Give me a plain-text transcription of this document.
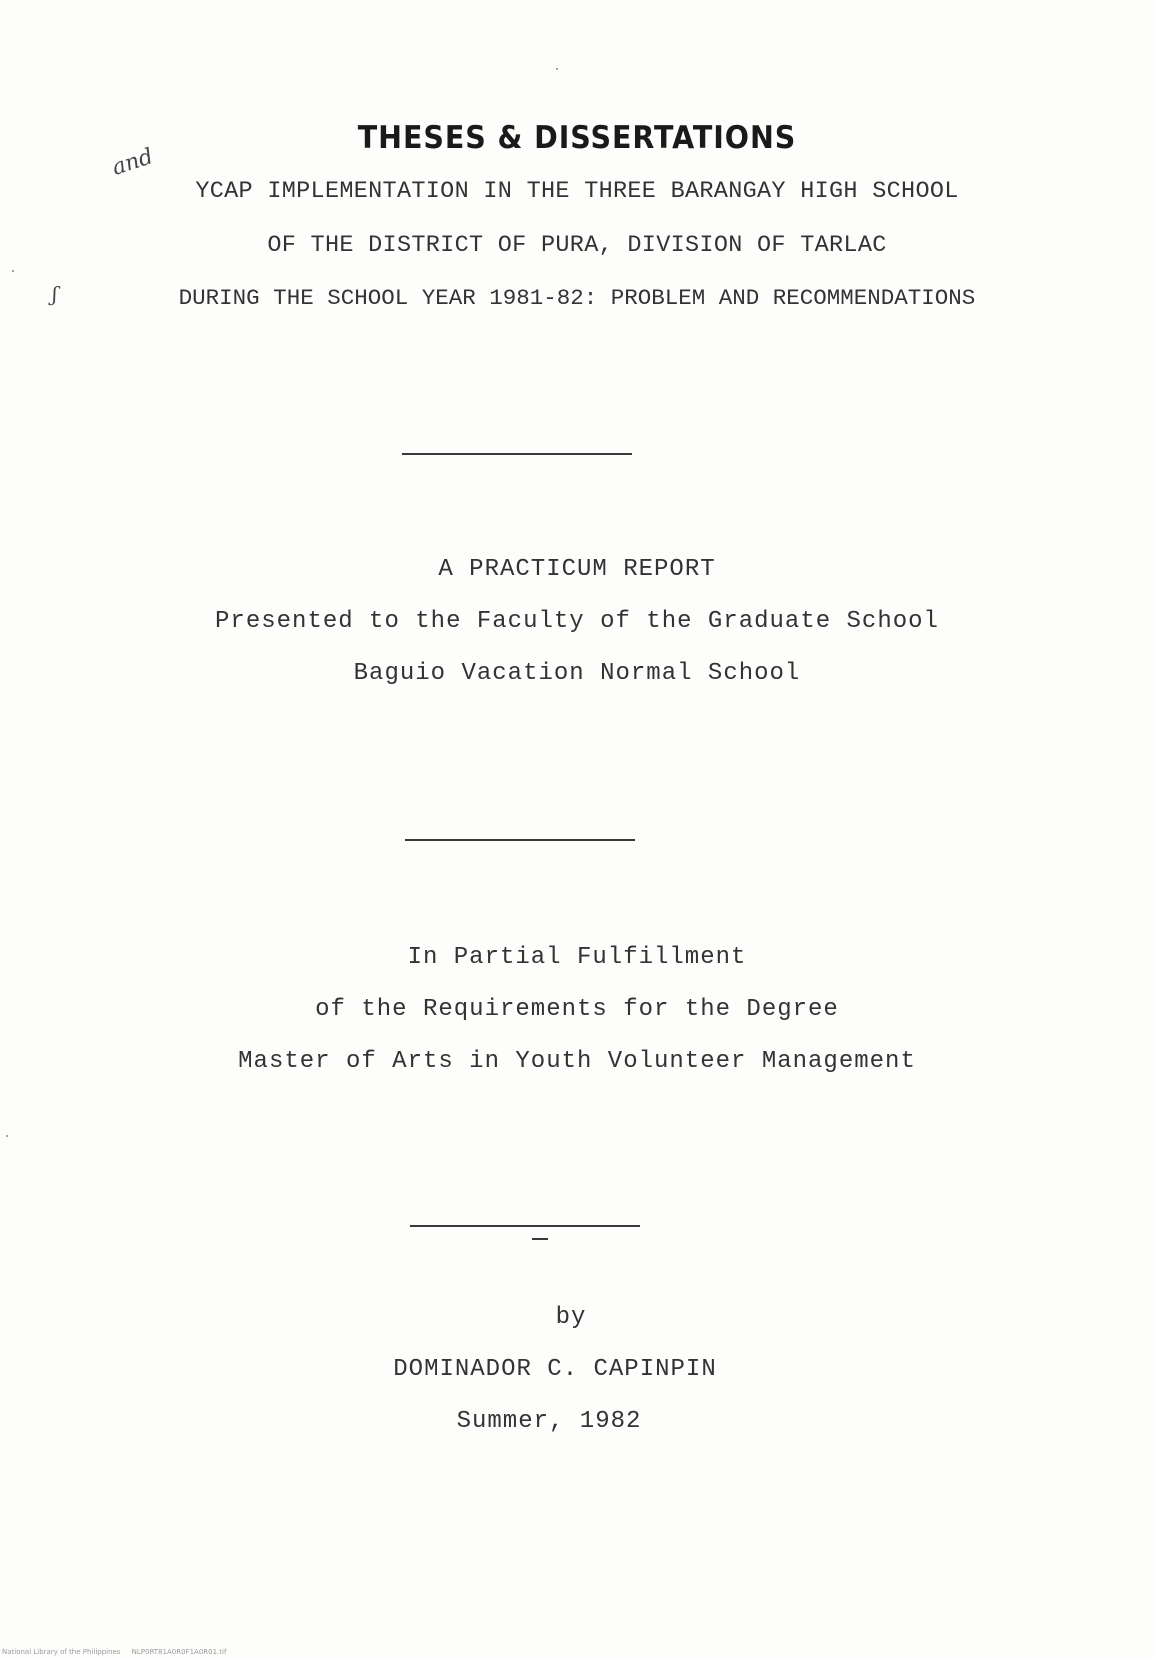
THESES & DISSERTATIONS
and
YCAP IMPLEMENTATION IN THE THREE BARANGAY HIGH SCHOOL
OF THE DISTRICT OF PURA, DIVISION OF TARLAC
ʃ	DURING THE SCHOOL YEAR 1981-82: PROBLEM AND RECOMMENDATIONS
A PRACTICUM REPORT
Presented to the Faculty of the Graduate School
Baguio Vacation Normal School
In Partial Fulfillment
of the Requirements for the Degree
Master of Arts in Youth Volunteer Management
by
DOMINADOR C. CAPINPIN
Summer, 1982
National Library of the Philippines NLP0RT81A0R0F1A0R01.tif
